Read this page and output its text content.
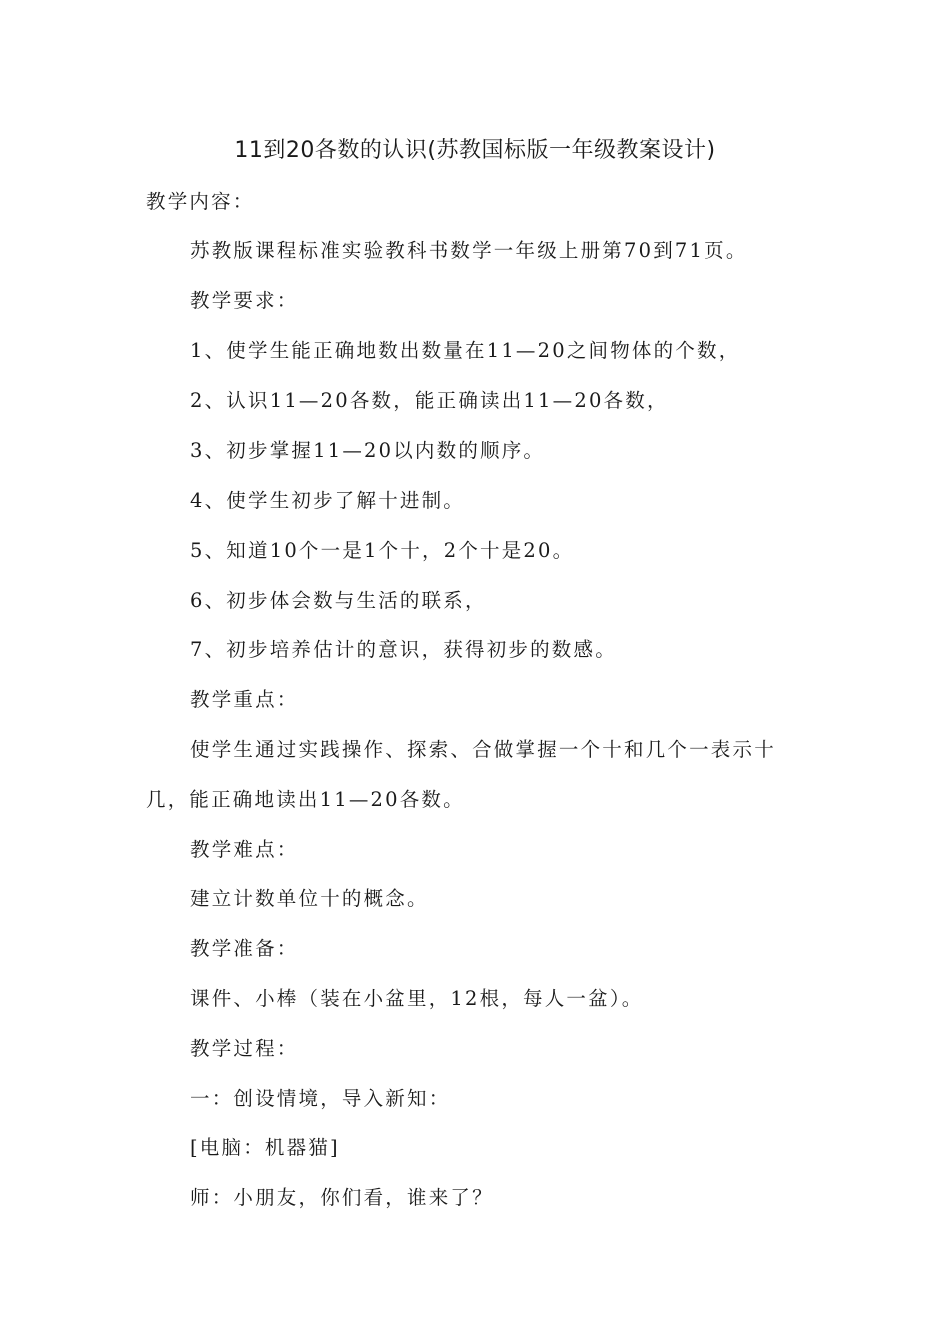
11到20各数的认识(苏教国标版一年级教案设计)
教学内容：
苏教版课程标准实验教科书数学一年级上册第70到71页。
教学要求：
1、使学生能正确地数出数量在11—20之间物体的个数，
2、认识11—20各数，能正确读出11—20各数，
3、初步掌握11—20以内数的顺序。
4、使学生初步了解十进制。
5、知道10个一是1个十，2个十是20。
6、初步体会数与生活的联系，
7、初步培养估计的意识，获得初步的数感。
教学重点：
使学生通过实践操作、探索、合做掌握一个十和几个一表示十
几，能正确地读出11—20各数。
教学难点：
建立计数单位十的概念。
教学准备：
课件、小棒（装在小盆里，12根，每人一盆）。
教学过程：
一：创设情境，导入新知：
[电脑：机器猫]
师：小朋友，你们看，谁来了？
